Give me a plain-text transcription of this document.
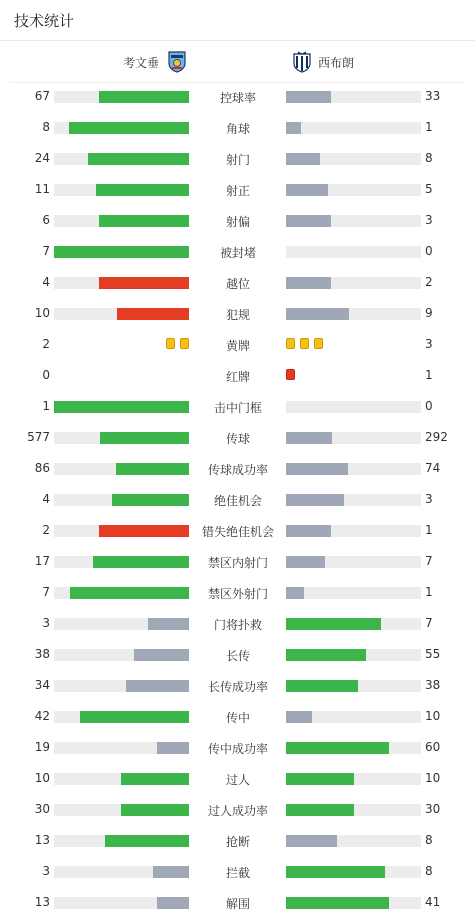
技术统计
考文垂	西布朗
67	控球率	33
8	角球	1
24	射门	8
11	射正	5
6	射偏	3
7	被封堵	0
4	越位	2
10	犯规	9
2	黄牌	3
0	红牌	1
1	击中门框	0
577	传球	292
86	传球成功率	74
4	绝佳机会	3
2	错失绝佳机会	1
17	禁区内射门	7
7	禁区外射门	1
3	门将扑救	7
38	长传	55
34	长传成功率	38
42	传中	10
19	传中成功率	60
10	过人	10
30	过人成功率	30
13	抢断	8
3	拦截	8
13	解围	41
